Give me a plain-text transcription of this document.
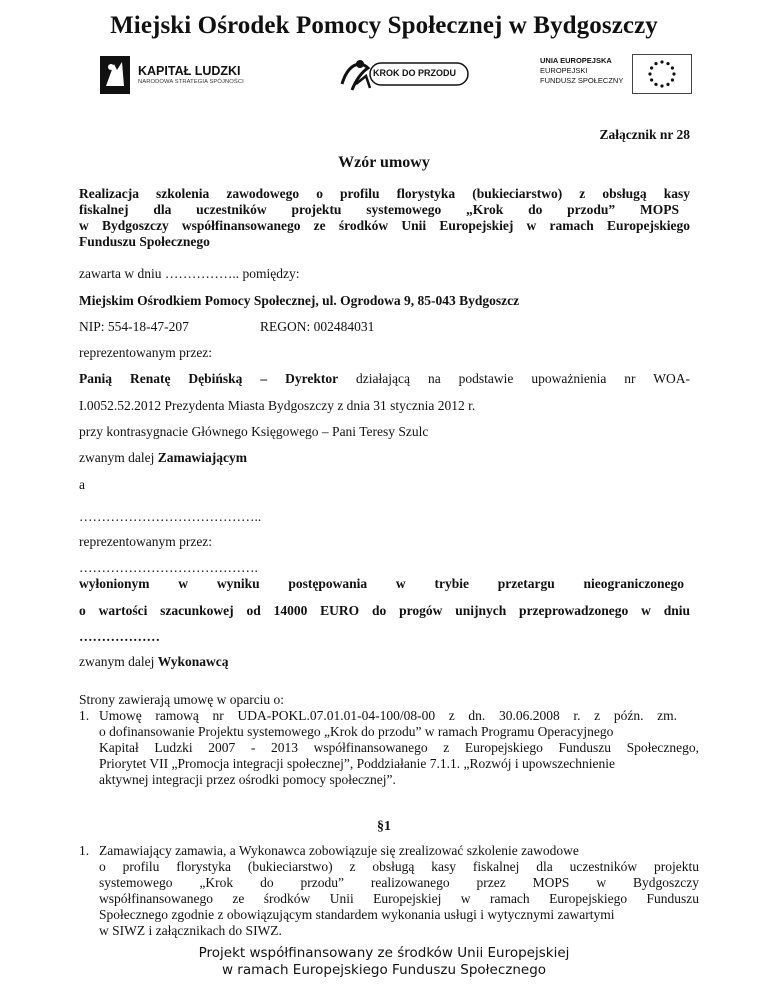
Miejski Ośrodek Pomocy Społecznej w Bydgoszczy
KAPITAŁ LUDZKI
NARODOWA STRATEGIA SPÓJNOŚCI
KROK DO PRZODU
UNIA EUROPEJSKA
EUROPEJSKI
FUNDUSZ SPOŁECZNY
Załącznik nr 28
Wzór umowy
Realizacja szkolenia zawodowego o profilu florystyka (bukieciarstwo) z obsługą kasy
fiskalnej dla uczestników projektu systemowego „Krok do przodu” MOPS
w Bydgoszczy współfinansowanego ze środków Unii Europejskiej w ramach Europejskiego
Funduszu Społecznego
zawarta w dniu …………….. pomiędzy:
Miejskim Ośrodkiem Pomocy Społecznej, ul. Ogrodowa 9, 85-043 Bydgoszcz
NIP: 554-18-47-207	REGON: 002484031
reprezentowanym przez:
Panią Renatę Dębińską – Dyrektor działającą na podstawie upoważnienia nr WOA-
I.0052.52.2012 Prezydenta Miasta Bydgoszczy z dnia 31 stycznia 2012 r.
przy kontrasygnacie Głównego Księgowego – Pani Teresy Szulc
zwanym dalej Zamawiającym
a
…………………………………..
reprezentowanym przez:
………………………………….
wyłonionym w wyniku postępowania w trybie przetargu nieograniczonego
o wartości szacunkowej od 14000 EURO do progów unijnych przeprowadzonego w dniu
………………
zwanym dalej Wykonawcą
Strony zawierają umowę w oparciu o:
1. Umowę ramową nr UDA-POKL.07.01.01-04-100/08-00 z dn. 30.06.2008 r. z późn. zm.
o dofinansowanie Projektu systemowego „Krok do przodu” w ramach Programu Operacyjnego
Kapitał Ludzki 2007 - 2013 współfinansowanego z Europejskiego Funduszu Społecznego,
Priorytet VII „Promocja integracji społecznej”, Poddziałanie 7.1.1. „Rozwój i upowszechnienie
aktywnej integracji przez ośrodki pomocy społecznej”.
§1
1. Zamawiający zamawia, a Wykonawca zobowiązuje się zrealizować szkolenie zawodowe
o profilu florystyka (bukieciarstwo) z obsługą kasy fiskalnej dla uczestników projektu
systemowego „Krok do przodu” realizowanego przez MOPS w Bydgoszczy
współfinansowanego ze środków Unii Europejskiej w ramach Europejskiego Funduszu
Społecznego zgodnie z obowiązującym standardem wykonania usługi i wytycznymi zawartymi
w SIWZ i załącznikach do SIWZ.
Projekt współfinansowany ze środków Unii Europejskiej
w ramach Europejskiego Funduszu Społecznego
